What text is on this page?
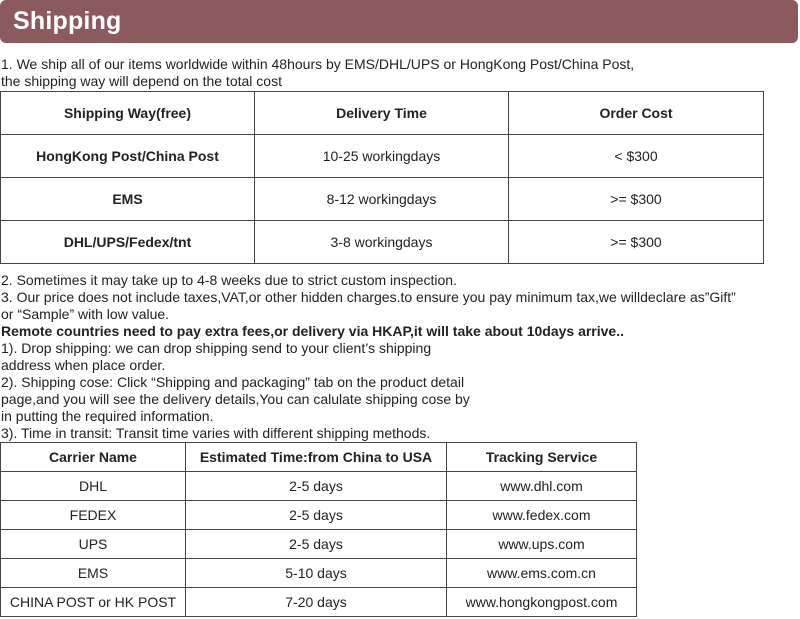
Shipping
1. We ship all of our items worldwide within 48hours by EMS/DHL/UPS or HongKong Post/China Post,
the shipping way will depend on the total cost
Shipping Way(free)	Delivery Time	Order Cost
HongKong Post/China Post	10-25 workingdays	< $300
EMS	8-12 workingdays	>= $300
DHL/UPS/Fedex/tnt	3-8 workingdays	>= $300
2. Sometimes it may take up to 4-8 weeks due to strict custom inspection.
3. Our price does not include taxes,VAT,or other hidden charges.to ensure you pay minimum tax,we willdeclare as”Gift”
or “Sample” with low value.
Remote countries need to pay extra fees,or delivery via HKAP,it will take about 10days arrive..
1). Drop shipping: we can drop shipping send to your client’s shipping
address when place order.
2). Shipping cose: Click “Shipping and packaging” tab on the product detail
page,and you will see the delivery details,You can calulate shipping cose by
in putting the required information.
3). Time in transit: Transit time varies with different shipping methods.
Carrier Name	Estimated Time:from China to USA	Tracking Service
DHL	2-5 days	www.dhl.com
FEDEX	2-5 days	www.fedex.com
UPS	2-5 days	www.ups.com
EMS	5-10 days	www.ems.com.cn
CHINA POST or HK POST	7-20 days	www.hongkongpost.com
